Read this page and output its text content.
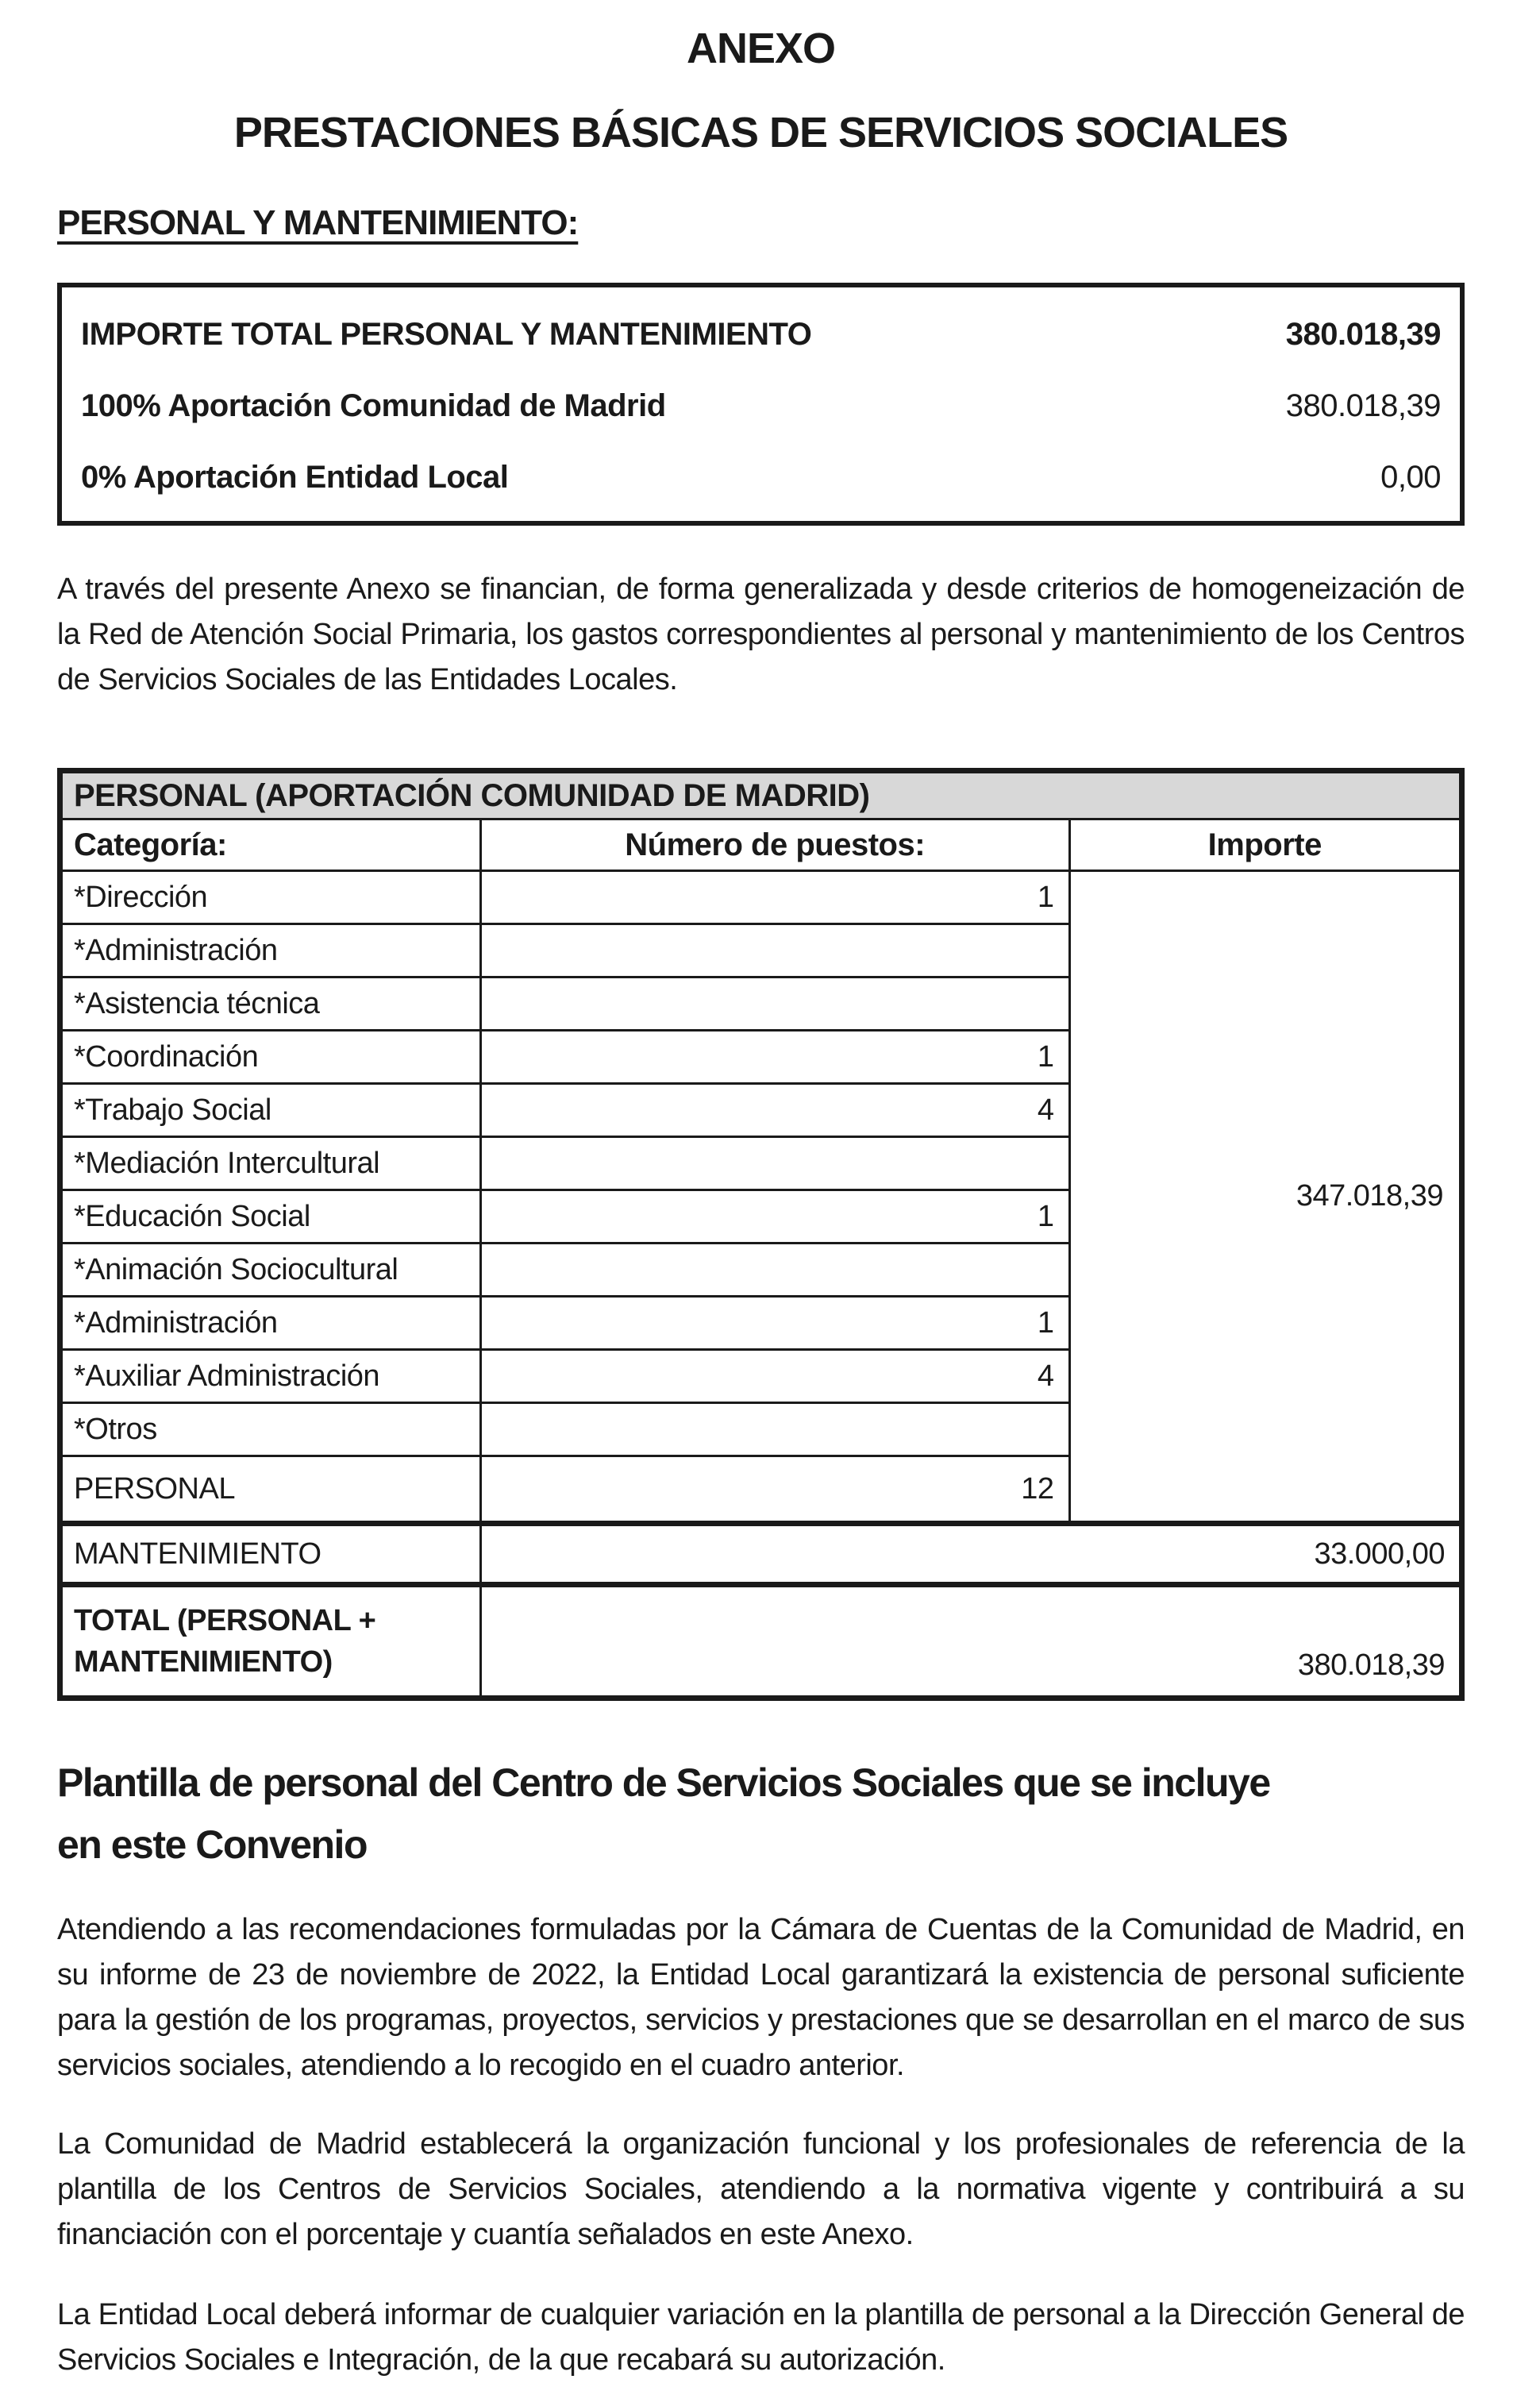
ANEXO
PRESTACIONES BÁSICAS DE SERVICIOS SOCIALES
PERSONAL Y MANTENIMIENTO:
IMPORTE TOTAL PERSONAL Y MANTENIMIENTO	380.018,39
100% Aportación Comunidad de Madrid	380.018,39
0% Aportación Entidad Local	0,00

A través del presente Anexo se financian, de forma generalizada y desde criterios de homogeneización de la Red de Atención Social Primaria, los gastos correspondientes al personal y mantenimiento de los Centros de Servicios Sociales de las Entidades Locales.

PERSONAL (APORTACIÓN COMUNIDAD DE MADRID)		
Categoría:	Número de puestos:	Importe
*Dirección	1	347.018,39
*Administración		
*Asistencia técnica		
*Coordinación	1	
*Trabajo Social	4	
*Mediación Intercultural		
*Educación Social	1	
*Animación Sociocultural		
*Administración	1	
*Auxiliar Administración	4	
*Otros		
PERSONAL	12	
MANTENIMIENTO	33.000,00	
TOTAL (PERSONAL +
MANTENIMIENTO)	380.018,39	
Plantilla de personal del Centro de Servicios Sociales que se incluye
en este Convenio

Atendiendo a las recomendaciones formuladas por la Cámara de Cuentas de la Comunidad de Madrid, en su informe de 23 de noviembre de 2022, la Entidad Local garantizará la existencia de personal suficiente para la gestión de los programas, proyectos, servicios y prestaciones que se desarrollan en el marco de sus servicios sociales, atendiendo a lo recogido en el cuadro anterior.

La Comunidad de Madrid establecerá la organización funcional y los profesionales de referencia de la plantilla de los Centros de Servicios Sociales, atendiendo a la normativa vigente y contribuirá a su financiación con el porcentaje y cuantía señalados en este Anexo.

La Entidad Local deberá informar de cualquier variación en la plantilla de personal a la Dirección General de Servicios Sociales e Integración, de la que recabará su autorización.
